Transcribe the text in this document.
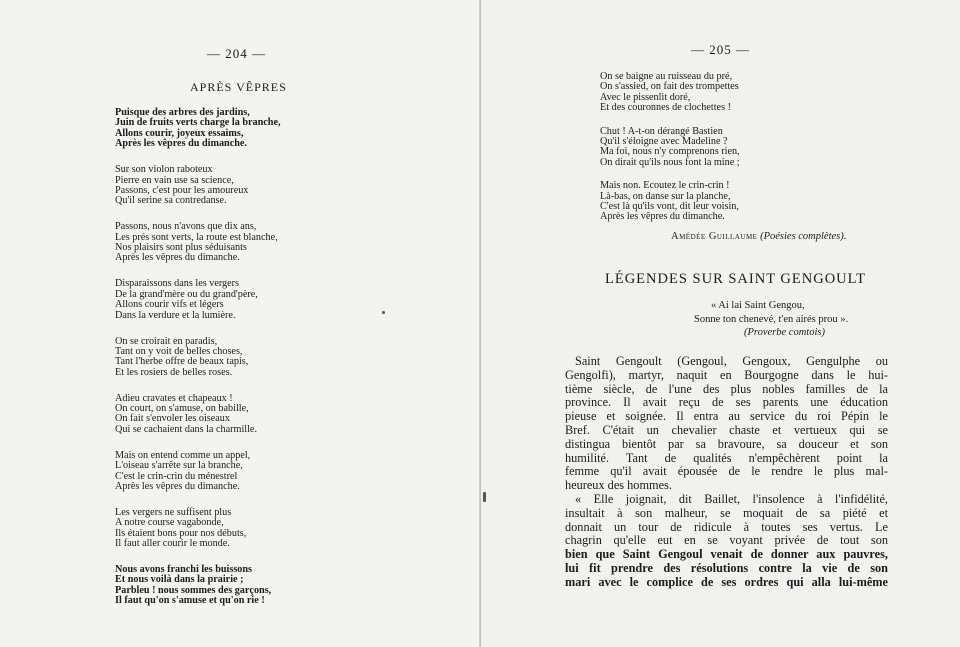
— 204 —
APRÈS VÊPRES
Puisque des arbres des jardins,
Juin de fruits verts charge la branche,
Allons courir, joyeux essaims,
Après les vêpres du dimanche.
Sur son violon raboteux
Pierre en vain use sa science,
Passons, c'est pour les amoureux
Qu'il serine sa contredanse.
Passons, nous n'avons que dix ans,
Les prés sont verts, la route est blanche,
Nos plaisirs sont plus séduisants
Après les vêpres du dimanche.
Disparaissons dans les vergers
De la grand'mère ou du grand'père,
Allons courir vifs et légers
Dans la verdure et la lumière.
On se croirait en paradis,
Tant on y voit de belles choses,
Tant l'herbe offre de beaux tapis,
Et les rosiers de belles roses.
Adieu cravates et chapeaux !
On court, on s'amuse, on babille,
On fait s'envoler les oiseaux
Qui se cachaient dans la charmille.
Mais on entend comme un appel,
L'oiseau s'arrête sur la branche,
C'est le crin-crin du ménestrel
Après les vêpres du dimanche.
Les vergers ne suffisent plus
A notre course vagabonde,
Ils étaient bons pour nos débuts,
Il faut aller courir le monde.
Nous avons franchi les buissons
Et nous voilà dans la prairie ;
Parbleu ! nous sommes des garçons,
Il faut qu'on s'amuse et qu'on rie !
— 205 —
On se baigne au ruisseau du pré,
On s'assied, on fait des trompettes
Avec le pissenlit doré,
Et des couronnes de clochettes !
Chut ! A-t-on dérangé Bastien
Qu'il s'éloigne avec Madeline ?
Ma foi, nous n'y comprenons rien,
On dirait qu'ils nous font la mine ;
Mais non. Ecoutez le crin-crin !
Là-bas, on danse sur la planche,
C'est là qu'ils vont, dit leur voisin,
Après les vêpres du dimanche.
Amédée Guillaume (Poésies complètes).
LÉGENDES SUR SAINT GENGOULT
« Ai lai Saint Gengou,
Sonne ton chenevé, t'en airés prou ».
(Proverbe comtois)
Saint Gengoult (Gengoul, Gengoux, Gengulphe ou
Gengolfi), martyr, naquit en Bourgogne dans le hui-
tième siècle, de l'une des plus nobles familles de la
province. Il avait reçu de ses parents une éducation
pieuse et soignée. Il entra au service du roi Pépin le
Bref. C'était un chevalier chaste et vertueux qui se
distingua bientôt par sa bravoure, sa douceur et son
humilité. Tant de qualités n'empêchèrent point la
femme qu'il avait épousée de le rendre le plus mal-
heureux des hommes.
« Elle joignait, dit Baillet, l'insolence à l'infidélité,
insultait à son malheur, se moquait de sa piété et
donnait un tour de ridicule à toutes ses vertus. Le
chagrin qu'elle eut en se voyant privée de tout son
bien que Saint Gengoul venait de donner aux pauvres,
lui fit prendre des résolutions contre la vie de son
mari avec le complice de ses ordres qui alla lui-même
